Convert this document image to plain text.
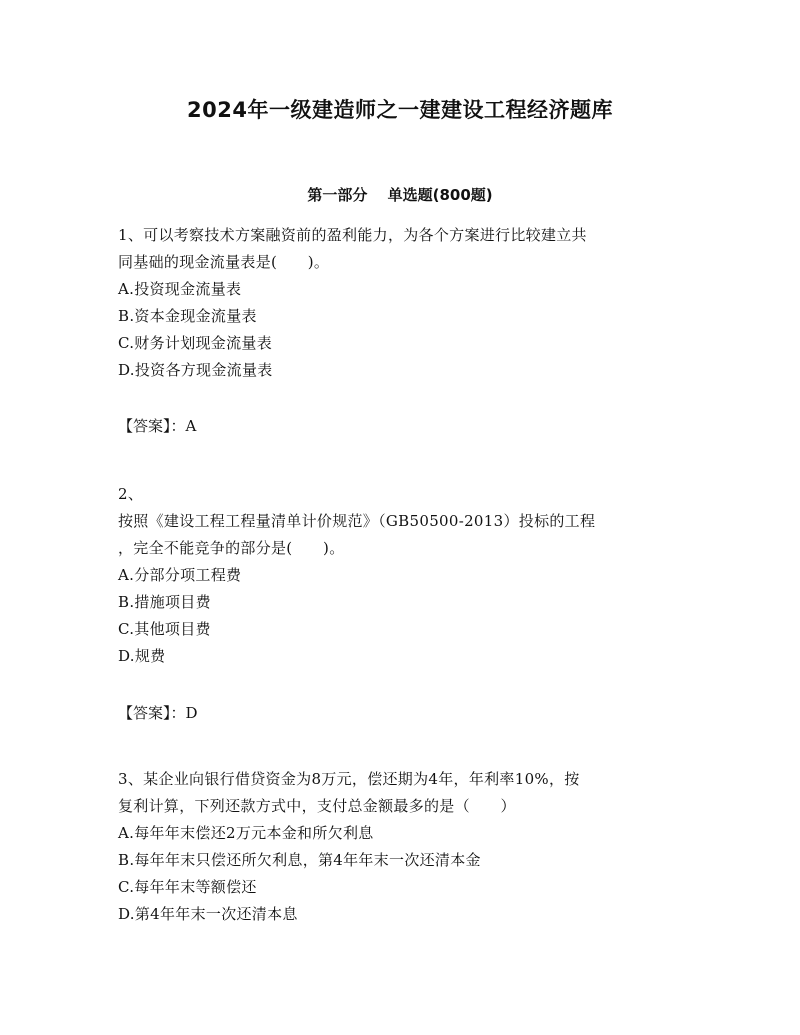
2024年一级建造师之一建建设工程经济题库
第一部分　 单选题(800题)
1、可以考察技术方案融资前的盈利能力，为各个方案进行比较建立共
同基础的现金流量表是(　　)。
A.投资现金流量表
B.资本金现金流量表
C.财务计划现金流量表
D.投资各方现金流量表
【答案】：A
2、
按照《建设工程工程量清单计价规范》（GB50500-2013）投标的工程
，完全不能竞争的部分是(　　)。
A.分部分项工程费
B.措施项目费
C.其他项目费
D.规费
【答案】：D
3、某企业向银行借贷资金为8万元，偿还期为4年，年利率10%，按
复利计算，下列还款方式中，支付总金额最多的是（　　）
A.每年年末偿还2万元本金和所欠利息
B.每年年末只偿还所欠利息，第4年年末一次还清本金
C.每年年末等额偿还
D.第4年年末一次还清本息
